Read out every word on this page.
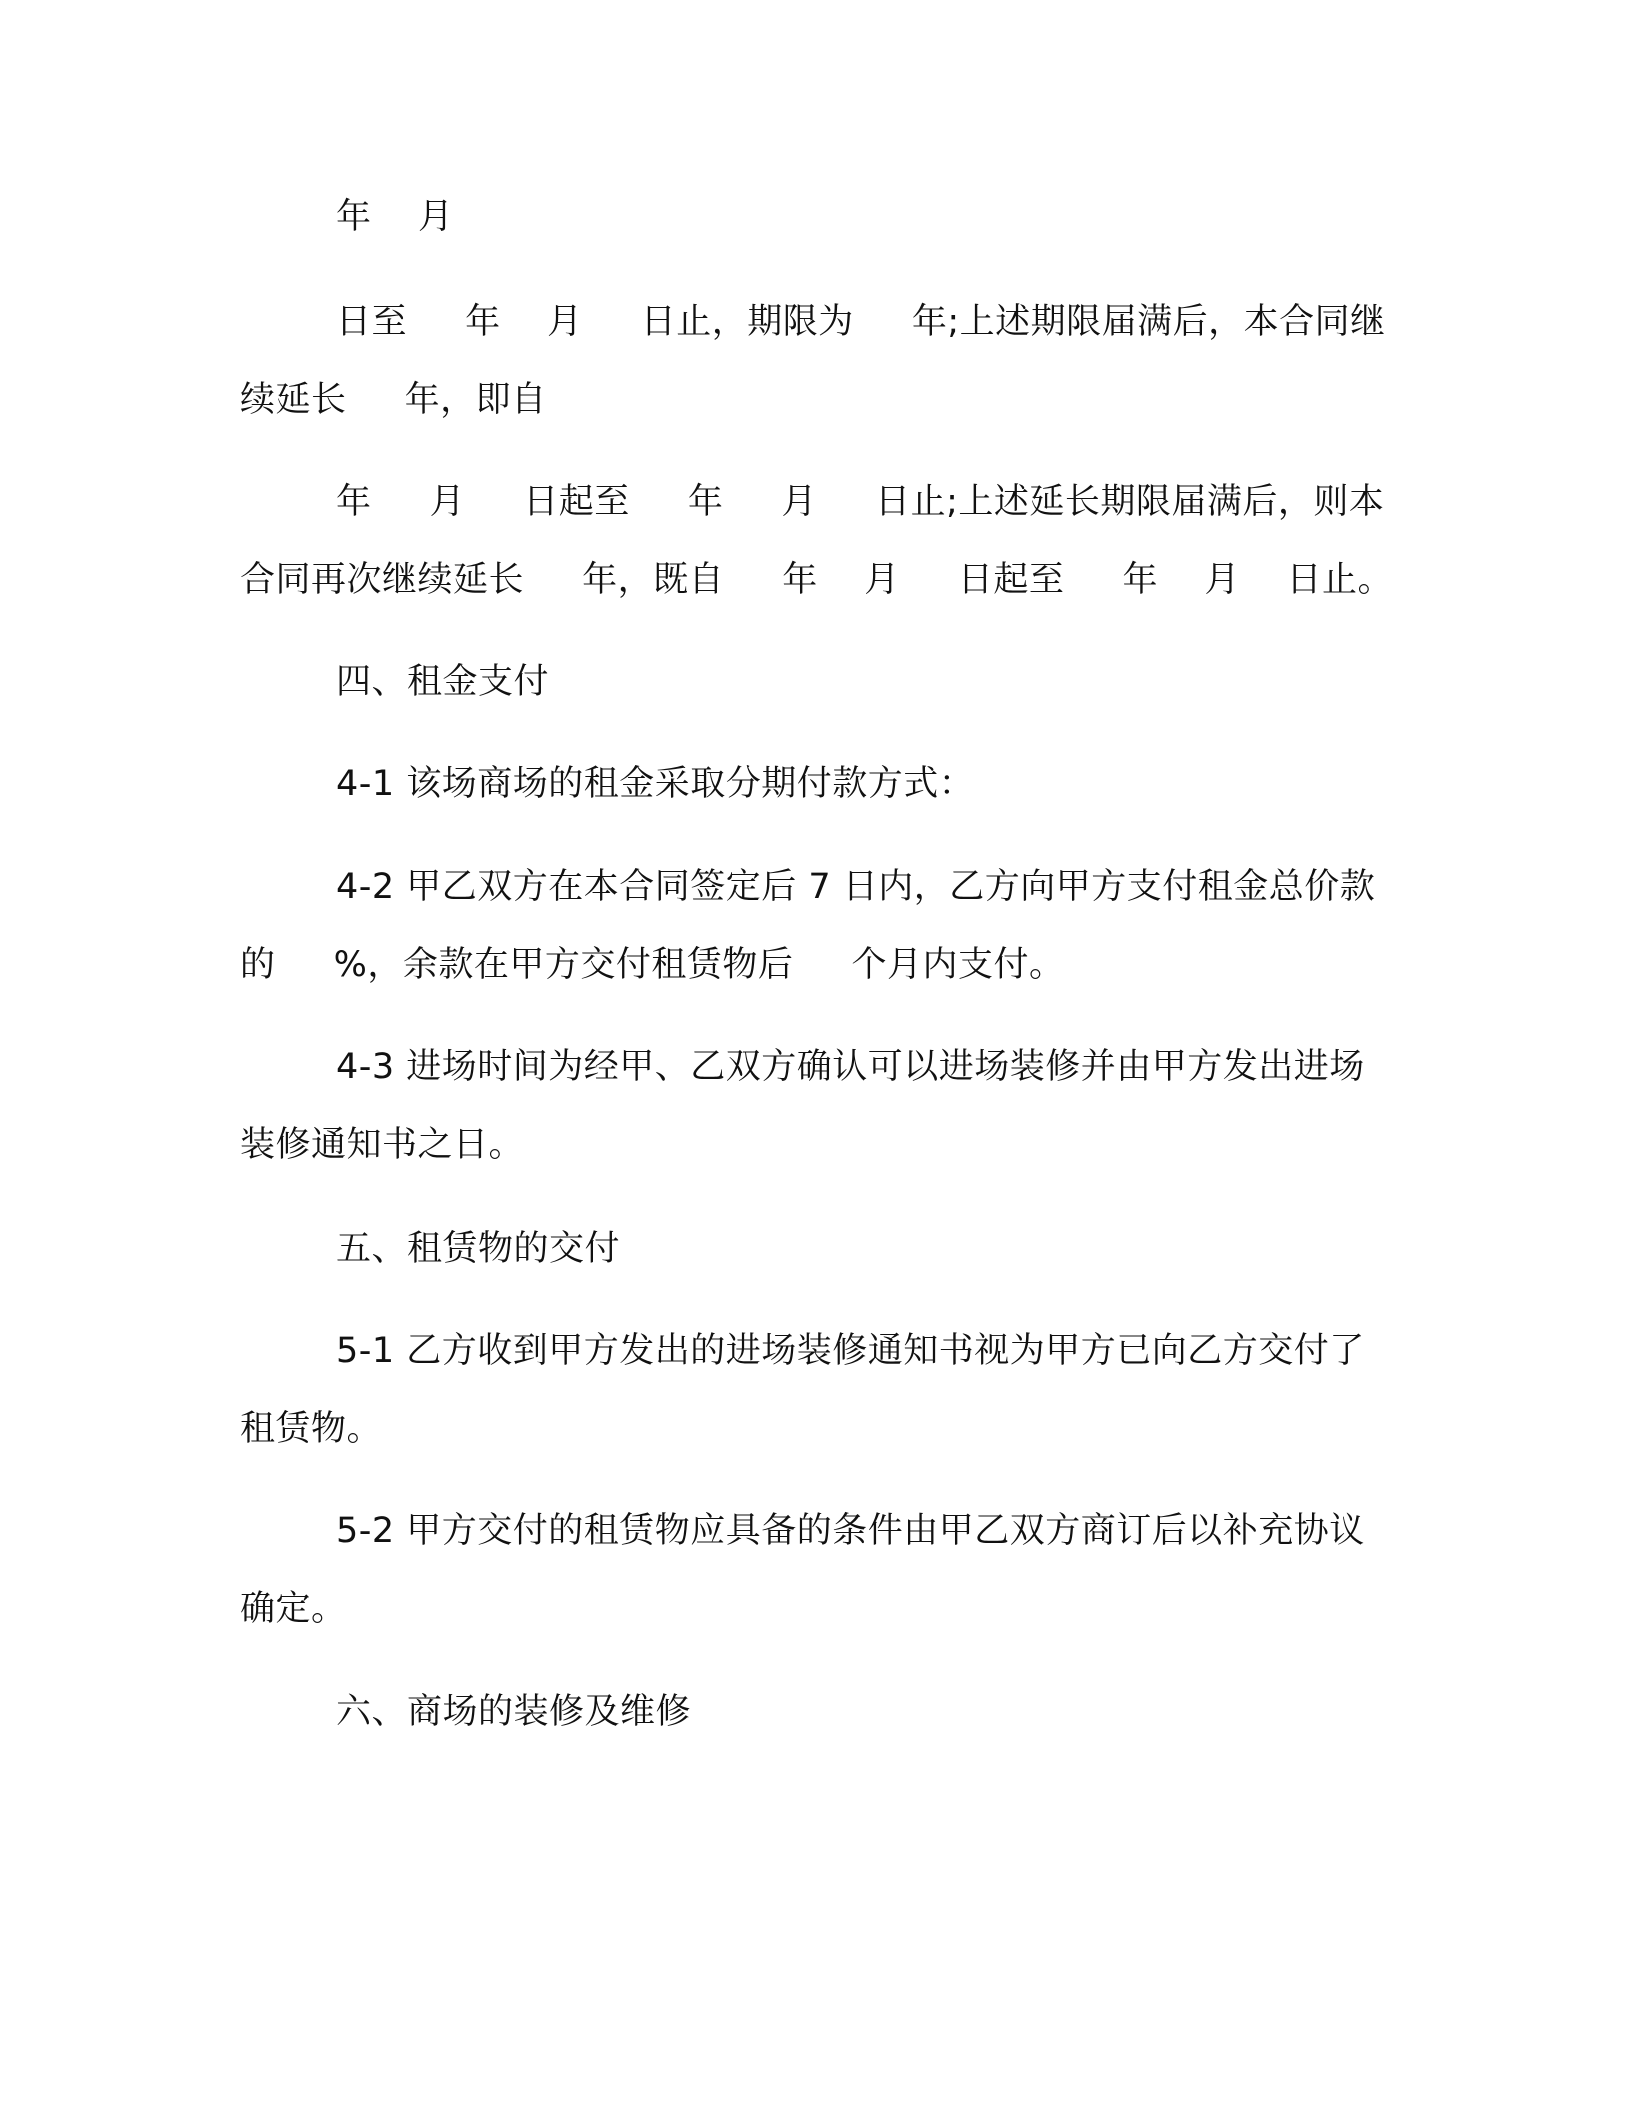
年    月

日至     年    月     日止，期限为     年;上述期限届满后，本合同继续延长     年，即自

年     月     日起至     年     月     日止;上述延长期限届满后，则本合同再次继续延长     年，既自     年    月     日起至     年    月    日止。

四、租金支付

4-1 该场商场的租金采取分期付款方式：

4-2 甲乙双方在本合同签定后 7 日内，乙方向甲方支付租金总价款的     %，余款在甲方交付租赁物后     个月内支付。

4-3 进场时间为经甲、乙双方确认可以进场装修并由甲方发出进场装修通知书之日。

五、租赁物的交付

5-1 乙方收到甲方发出的进场装修通知书视为甲方已向乙方交付了租赁物。

5-2 甲方交付的租赁物应具备的条件由甲乙双方商订后以补充协议确定。

六、商场的装修及维修
